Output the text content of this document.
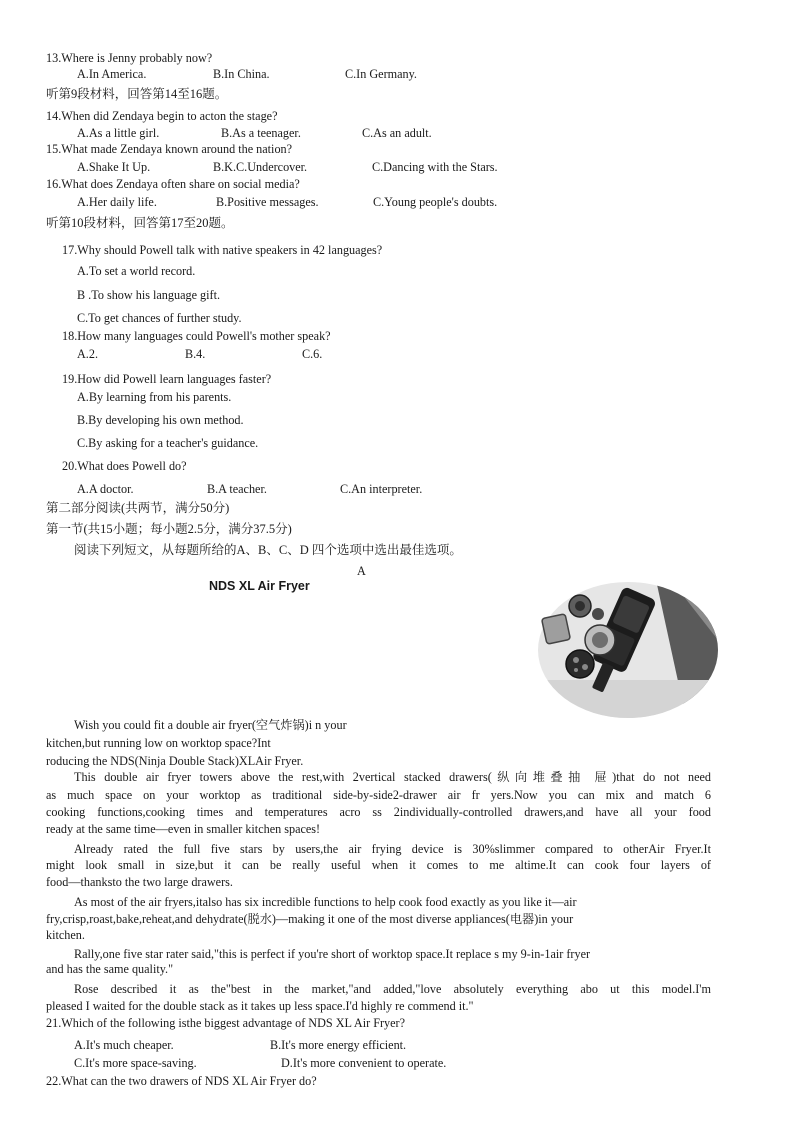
13.Where is Jenny probably now?
A.In America.	B.In China.	C.In Germany.
听第9段材料，回答第14至16题。
14.When did Zendaya begin to acton the stage?
A.As a little girl.	B.As a teenager.	C.As an adult.
15.What made Zendaya known around the nation?
A.Shake It Up.	B.K.C.Undercover.	C.Dancing with the Stars.
16.What does Zendaya often share on social media?
A.Her daily life.	B.Positive messages.	C.Young people's doubts.
听第10段材料，回答第17至20题。
17.Why should Powell talk with native speakers in 42 languages?
A.To set a world record.
B .To show his language gift.
C.To get chances of further study.
18.How many languages could Powell's mother speak?
A.2.	B.4.	C.6.
19.How did Powell learn languages faster?
A.By learning from his parents.
B.By developing his own method.
C.By asking for a teacher's guidance.
20.What does Powell do?
A.A doctor.	B.A teacher.	C.An interpreter.
第二部分阅读(共两节，满分50分)
第一节(共15小题；每小题2.5分，满分37.5分)
阅读下列短文，从每题所给的A、B、C、D 四个选项中选出最佳选项。
A
NDS XL Air Fryer
Wish you could fit a double air fryer(空气炸锅)i n your
kitchen,but running low on worktop space?Int
roducing the NDS(Ninja Double Stack)XLAir Fryer.
This double air fryer towers above the rest,with 2vertical stacked drawers(纵向堆叠抽 屉)that do not need
as much space on your worktop as traditional side-by-side2-drawer air fr yers.Now you can mix and match 6
cooking functions,cooking times and temperatures acro ss 2individually-controlled drawers,and have all your food
ready at the same time—even in smaller kitchen spaces!
Already rated the full five stars by users,the air frying device is 30%slimmer compared to otherAir Fryer.It
might look small in size,but it can be really useful when it comes to me altime.It can cook four layers of
food—thanksto the two large drawers.
As most of the air fryers,italso has six incredible functions to help cook food exactly as you like it—air
fry,crisp,roast,bake,reheat,and dehydrate(脱水)—making it one of the most diverse appliances(电器)in your
kitchen.
Rally,one five star rater said,"this is perfect if you're short of worktop space.It replace s my 9-in-1air fryer
and has the same quality."
Rose described it as the"best in the market,"and added,"love absolutely everything abo ut this model.I'm
pleased I waited for the double stack as it takes up less space.I'd highly re commend it."
21.Which of the following isthe biggest advantage of NDS XL Air Fryer?
A.It's much cheaper.	B.It's more energy efficient.
C.It's more space-saving.	D.It's more convenient to operate.
22.What can the two drawers of NDS XL Air Fryer do?
